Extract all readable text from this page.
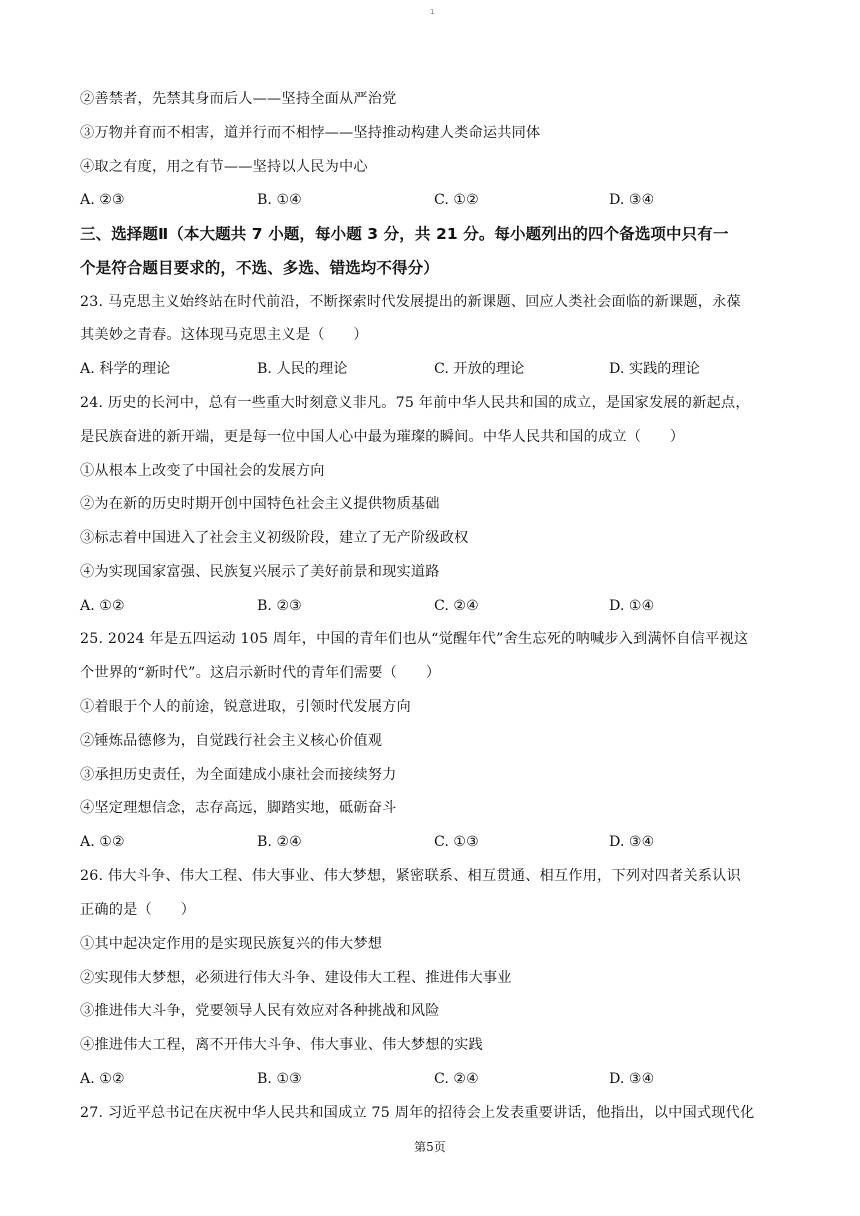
1
②善禁者，先禁其身而后人——坚持全面从严治党
③万物并育而不相害，道并行而不相悖——坚持推动构建人类命运共同体
④取之有度，用之有节——坚持以人民为中心
A. ②③	B. ①④	C. ①②	D. ③④
三、选择题Ⅱ（本大题共 7 小题，每小题 3 分，共 21 分。每小题列出的四个备选项中只有一
个是符合题目要求的，不选、多选、错选均不得分）
23. 马克思主义始终站在时代前沿，不断探索时代发展提出的新课题、回应人类社会面临的新课题，永葆
其美妙之青春。这体现马克思主义是（　　）
A. 科学的理论	B. 人民的理论	C. 开放的理论	D. 实践的理论
24. 历史的长河中，总有一些重大时刻意义非凡。75 年前中华人民共和国的成立，是国家发展的新起点，
是民族奋进的新开端，更是每一位中国人心中最为璀璨的瞬间。中华人民共和国的成立（　　）
①从根本上改变了中国社会的发展方向
②为在新的历史时期开创中国特色社会主义提供物质基础
③标志着中国进入了社会主义初级阶段，建立了无产阶级政权
④为实现国家富强、民族复兴展示了美好前景和现实道路
A. ①②	B. ②③	C. ②④	D. ①④
25. 2024 年是五四运动 105 周年，中国的青年们也从“觉醒年代”舍生忘死的呐喊步入到满怀自信平视这
个世界的“新时代”。这启示新时代的青年们需要（　　）
①着眼于个人的前途，锐意进取，引领时代发展方向
②锤炼品德修为，自觉践行社会主义核心价值观
③承担历史责任，为全面建成小康社会而接续努力
④坚定理想信念，志存高远，脚踏实地，砥砺奋斗
A. ①②	B. ②④	C. ①③	D. ③④
26. 伟大斗争、伟大工程、伟大事业、伟大梦想，紧密联系、相互贯通、相互作用，下列对四者关系认识
正确的是（　　）
①其中起决定作用的是实现民族复兴的伟大梦想
②实现伟大梦想，必须进行伟大斗争、建设伟大工程、推进伟大事业
③推进伟大斗争，党要领导人民有效应对各种挑战和风险
④推进伟大工程，离不开伟大斗争、伟大事业、伟大梦想的实践
A. ①②	B. ①③	C. ②④	D. ③④
27. 习近平总书记在庆祝中华人民共和国成立 75 周年的招待会上发表重要讲话，他指出，以中国式现代化
第5页
